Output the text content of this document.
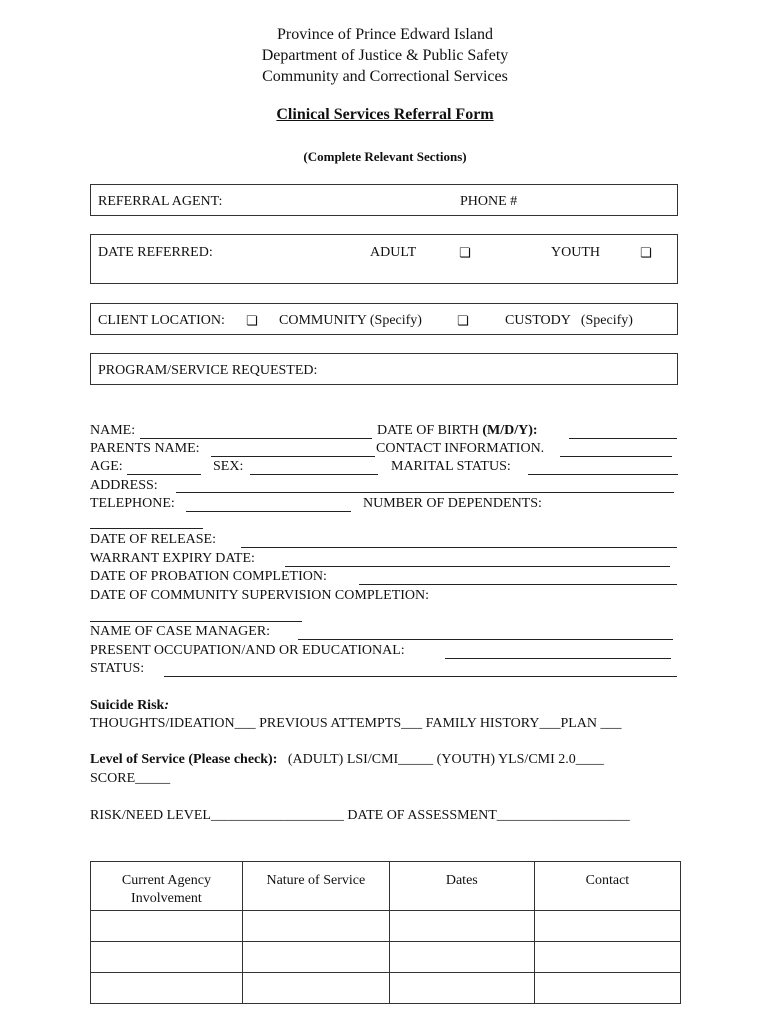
Province of Prince Edward Island
Department of Justice & Public Safety
Community and Correctional Services
Clinical Services Referral Form
(Complete Relevant Sections)
REFERRAL AGENT:	PHONE #
DATE REFERRED:	ADULT	❏	YOUTH	❏
CLIENT LOCATION: ❏ COMMUNITY (Specify)	❏	CUSTODY   (Specify)
PROGRAM/SERVICE REQUESTED:
NAME:	DATE OF BIRTH (M/D/Y):
PARENTS NAME:	CONTACT INFORMATION.
AGE:	SEX:	MARITAL STATUS:
ADDRESS:
TELEPHONE:	NUMBER OF DEPENDENTS:
DATE OF RELEASE:
WARRANT EXPIRY DATE:
DATE OF PROBATION COMPLETION:
DATE OF COMMUNITY SUPERVISION COMPLETION:
NAME OF CASE MANAGER:
PRESENT OCCUPATION/AND OR EDUCATIONAL:
STATUS:
Suicide Risk:
THOUGHTS/IDEATION___ PREVIOUS ATTEMPTS___ FAMILY HISTORY___PLAN ___
Level of Service (Please check):   (ADULT) LSI/CMI_____ (YOUTH) YLS/CMI 2.0____
SCORE_____
RISK/NEED LEVEL___________________ DATE OF ASSESSMENT___________________
Current Agency Involvement	Nature of Service	Dates	Contact
